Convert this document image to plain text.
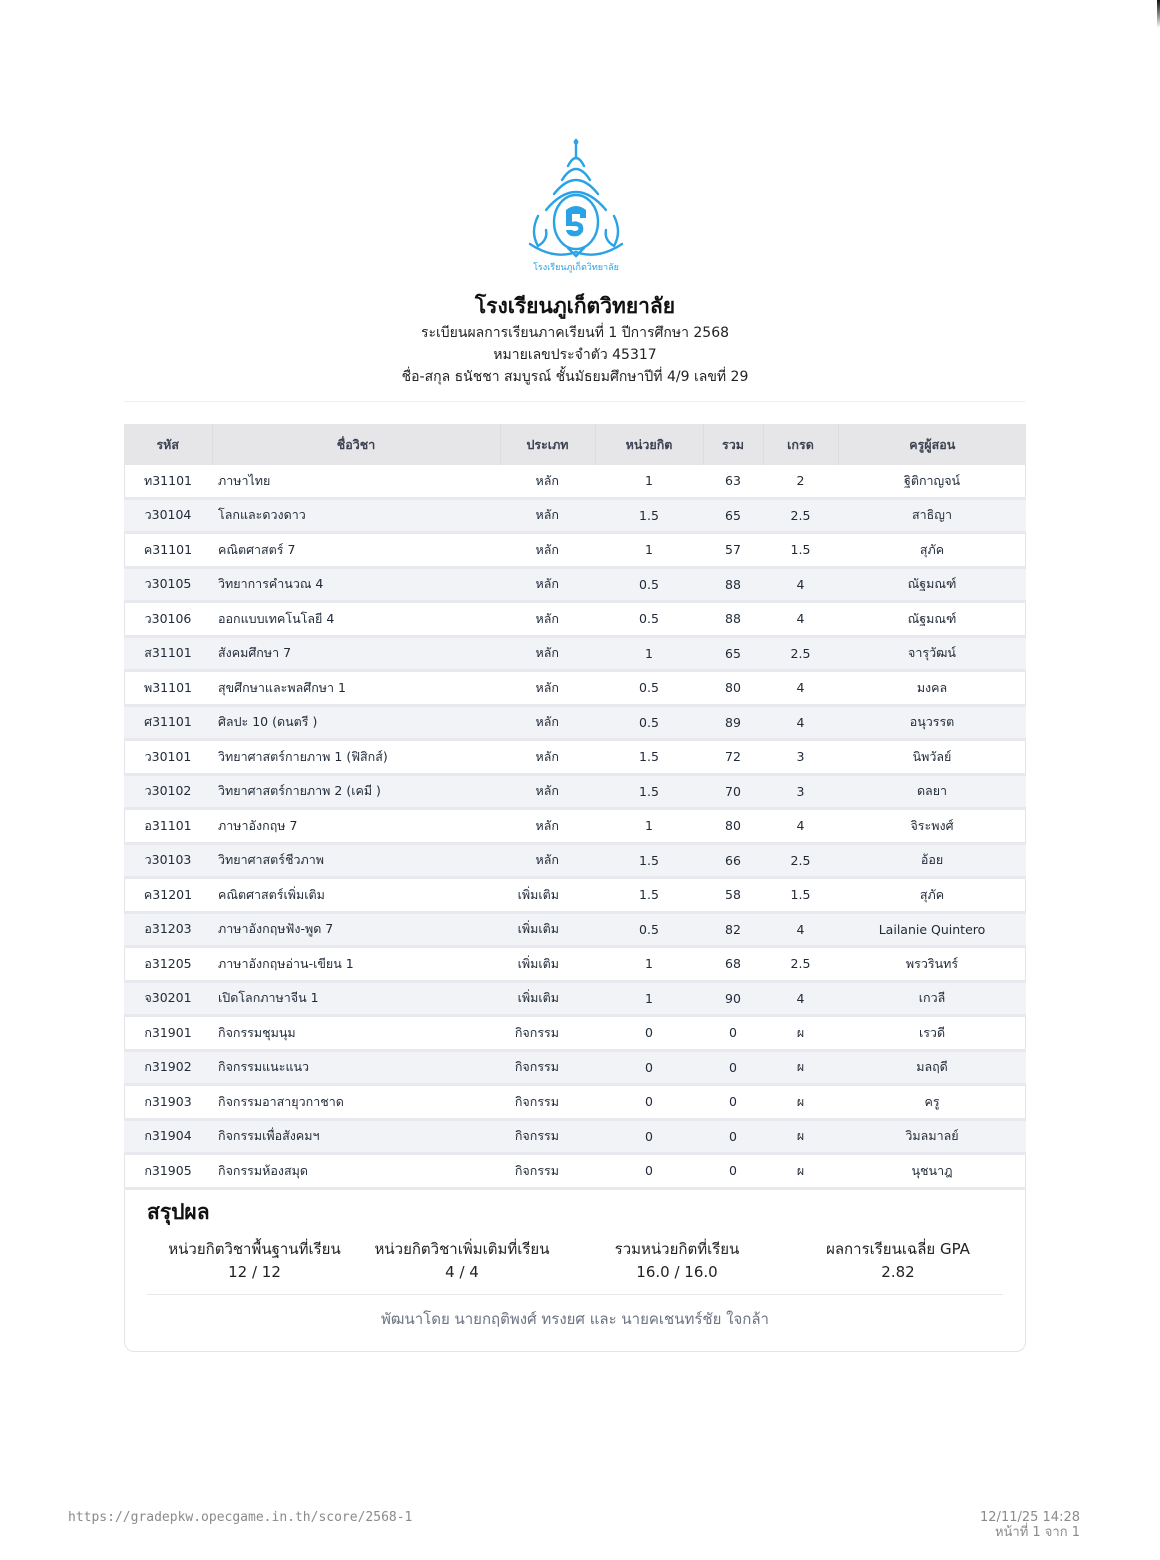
โรงเรียนภูเก็ตวิทยาลัย
โรงเรียนภูเก็ตวิทยาลัย
ระเบียนผลการเรียนภาคเรียนที่ 1 ปีการศึกษา 2568
หมายเลขประจำตัว 45317
ชื่อ-สกุล ธนัชชา สมบูรณ์ ชั้นมัธยมศึกษาปีที่ 4/9 เลขที่ 29
รหัส	ชื่อวิชา	ประเภท	หน่วยกิต	รวม	เกรด	ครูผู้สอน
ท31101	ภาษาไทย	หลัก	1	63	2	ฐิติกาญจน์
ว30104	โลกและดวงดาว	หลัก	1.5	65	2.5	สาธิญา
ค31101	คณิตศาสตร์ 7	หลัก	1	57	1.5	สุภัค
ว30105	วิทยาการคำนวณ 4	หลัก	0.5	88	4	ณัฐมณฑ์
ว30106	ออกแบบเทคโนโลยี 4	หลัก	0.5	88	4	ณัฐมณฑ์
ส31101	สังคมศึกษา 7	หลัก	1	65	2.5	จารุวัฒน์
พ31101	สุขศึกษาและพลศึกษา 1	หลัก	0.5	80	4	มงคล
ศ31101	ศิลปะ 10 (ดนตรี )	หลัก	0.5	89	4	อนุวรรต
ว30101	วิทยาศาสตร์กายภาพ 1 (ฟิสิกส์)	หลัก	1.5	72	3	นิพวัลย์
ว30102	วิทยาศาสตร์กายภาพ 2 (เคมี )	หลัก	1.5	70	3	ดลยา
อ31101	ภาษาอังกฤษ 7	หลัก	1	80	4	จิระพงศ์
ว30103	วิทยาศาสตร์ชีวภาพ	หลัก	1.5	66	2.5	อ้อย
ค31201	คณิตศาสตร์เพิ่มเติม	เพิ่มเติม	1.5	58	1.5	สุภัค
อ31203	ภาษาอังกฤษฟัง-พูด 7	เพิ่มเติม	0.5	82	4	Lailanie Quintero
อ31205	ภาษาอังกฤษอ่าน-เขียน 1	เพิ่มเติม	1	68	2.5	พรวรินทร์
จ30201	เปิดโลกภาษาจีน 1	เพิ่มเติม	1	90	4	เกวลี
ก31901	กิจกรรมชุมนุม	กิจกรรม	0	0	ผ	เรวดี
ก31902	กิจกรรมแนะแนว	กิจกรรม	0	0	ผ	มลฤดี
ก31903	กิจกรรมอาสายุวกาชาด	กิจกรรม	0	0	ผ	ครู
ก31904	กิจกรรมเพื่อสังคมฯ	กิจกรรม	0	0	ผ	วิมลมาลย์
ก31905	กิจกรรมห้องสมุด	กิจกรรม	0	0	ผ	นุชนาฎ
สรุปผล
หน่วยกิตวิชาพื้นฐานที่เรียน
12 / 12
หน่วยกิตวิชาเพิ่มเติมที่เรียน
4 / 4
รวมหน่วยกิตที่เรียน
16.0 / 16.0
ผลการเรียนเฉลี่ย GPA
2.82
พัฒนาโดย นายกฤติพงศ์ ทรงยศ และ นายคเชนทร์ชัย ใจกล้า
https://gradepkw.opecgame.in.th/score/2568-1	12/11/25 14:28
หน้าที่ 1 จาก 1
